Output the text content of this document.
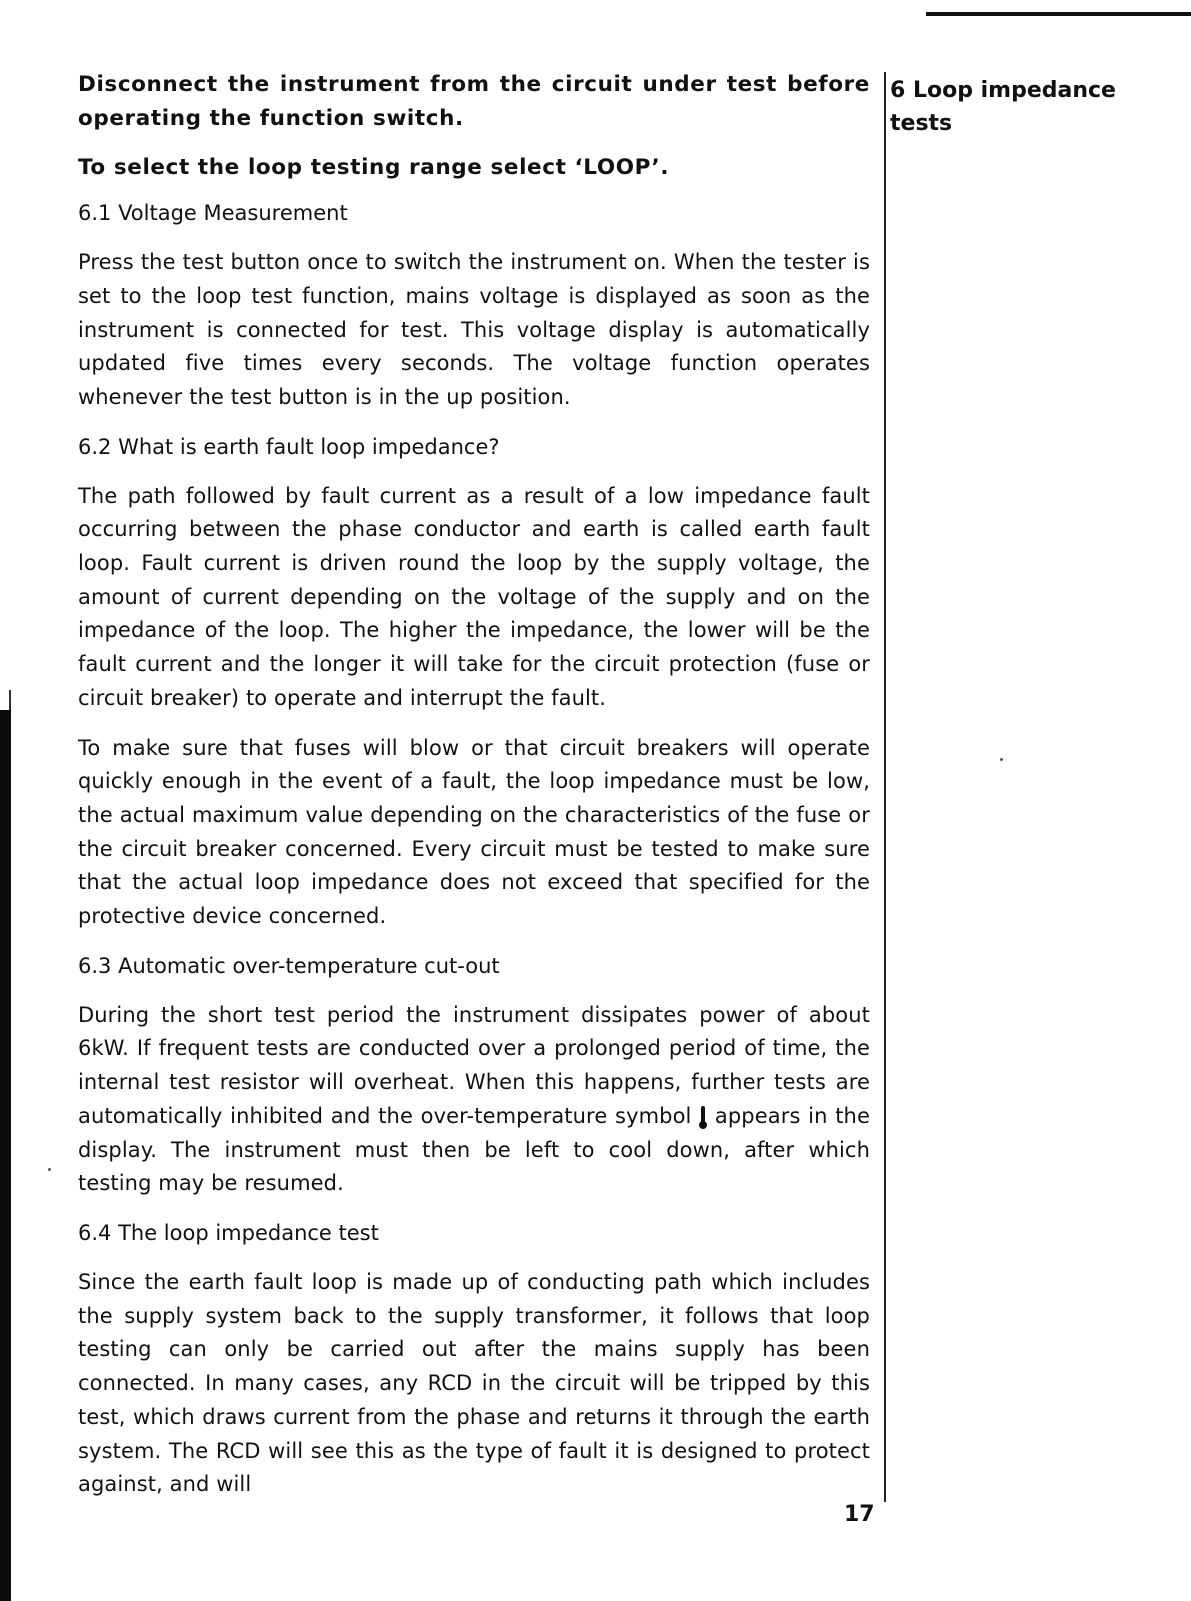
6 Loop impedance
tests

Disconnect the instrument from the circuit under test before operating the function switch.

To select the loop testing range select ‘LOOP’.

6.1 Voltage Measurement

Press the test button once to switch the instrument on. When the tester is set to the loop test function, mains voltage is displayed as soon as the instrument is connected for test. This voltage display is automatically updated five times every seconds. The voltage function operates whenever the test button is in the up position.

6.2 What is earth fault loop impedance?

The path followed by fault current as a result of a low impedance fault occurring between the phase conductor and earth is called earth fault loop. Fault current is driven round the loop by the supply voltage, the amount of current depending on the voltage of the supply and on the impedance of the loop. The higher the impedance, the lower will be the fault current and the longer it will take for the circuit protection (fuse or circuit breaker) to operate and interrupt the fault.

To make sure that fuses will blow or that circuit breakers will operate quickly enough in the event of a fault, the loop impedance must be low, the actual maximum value depending on the characteristics of the fuse or the circuit breaker concerned. Every circuit must be tested to make sure that the actual loop impedance does not exceed that specified for the protective device concerned.

6.3 Automatic over-temperature cut-out

During the short test period the instrument dissipates power of about 6kW. If frequent tests are conducted over a prolonged period of time, the internal test resistor will overheat. When this happens, further tests are automatically inhibited and the over-temperature symbol appears in the display. The instrument must then be left to cool down, after which testing may be resumed.

6.4 The loop impedance test

Since the earth fault loop is made up of conducting path which includes the supply system back to the supply transformer, it follows that loop testing can only be carried out after the mains supply has been connected. In many cases, any RCD in the circuit will be tripped by this test, which draws current from the phase and returns it through the earth system. The RCD will see this as the type of fault it is designed to protect against, and will

17
